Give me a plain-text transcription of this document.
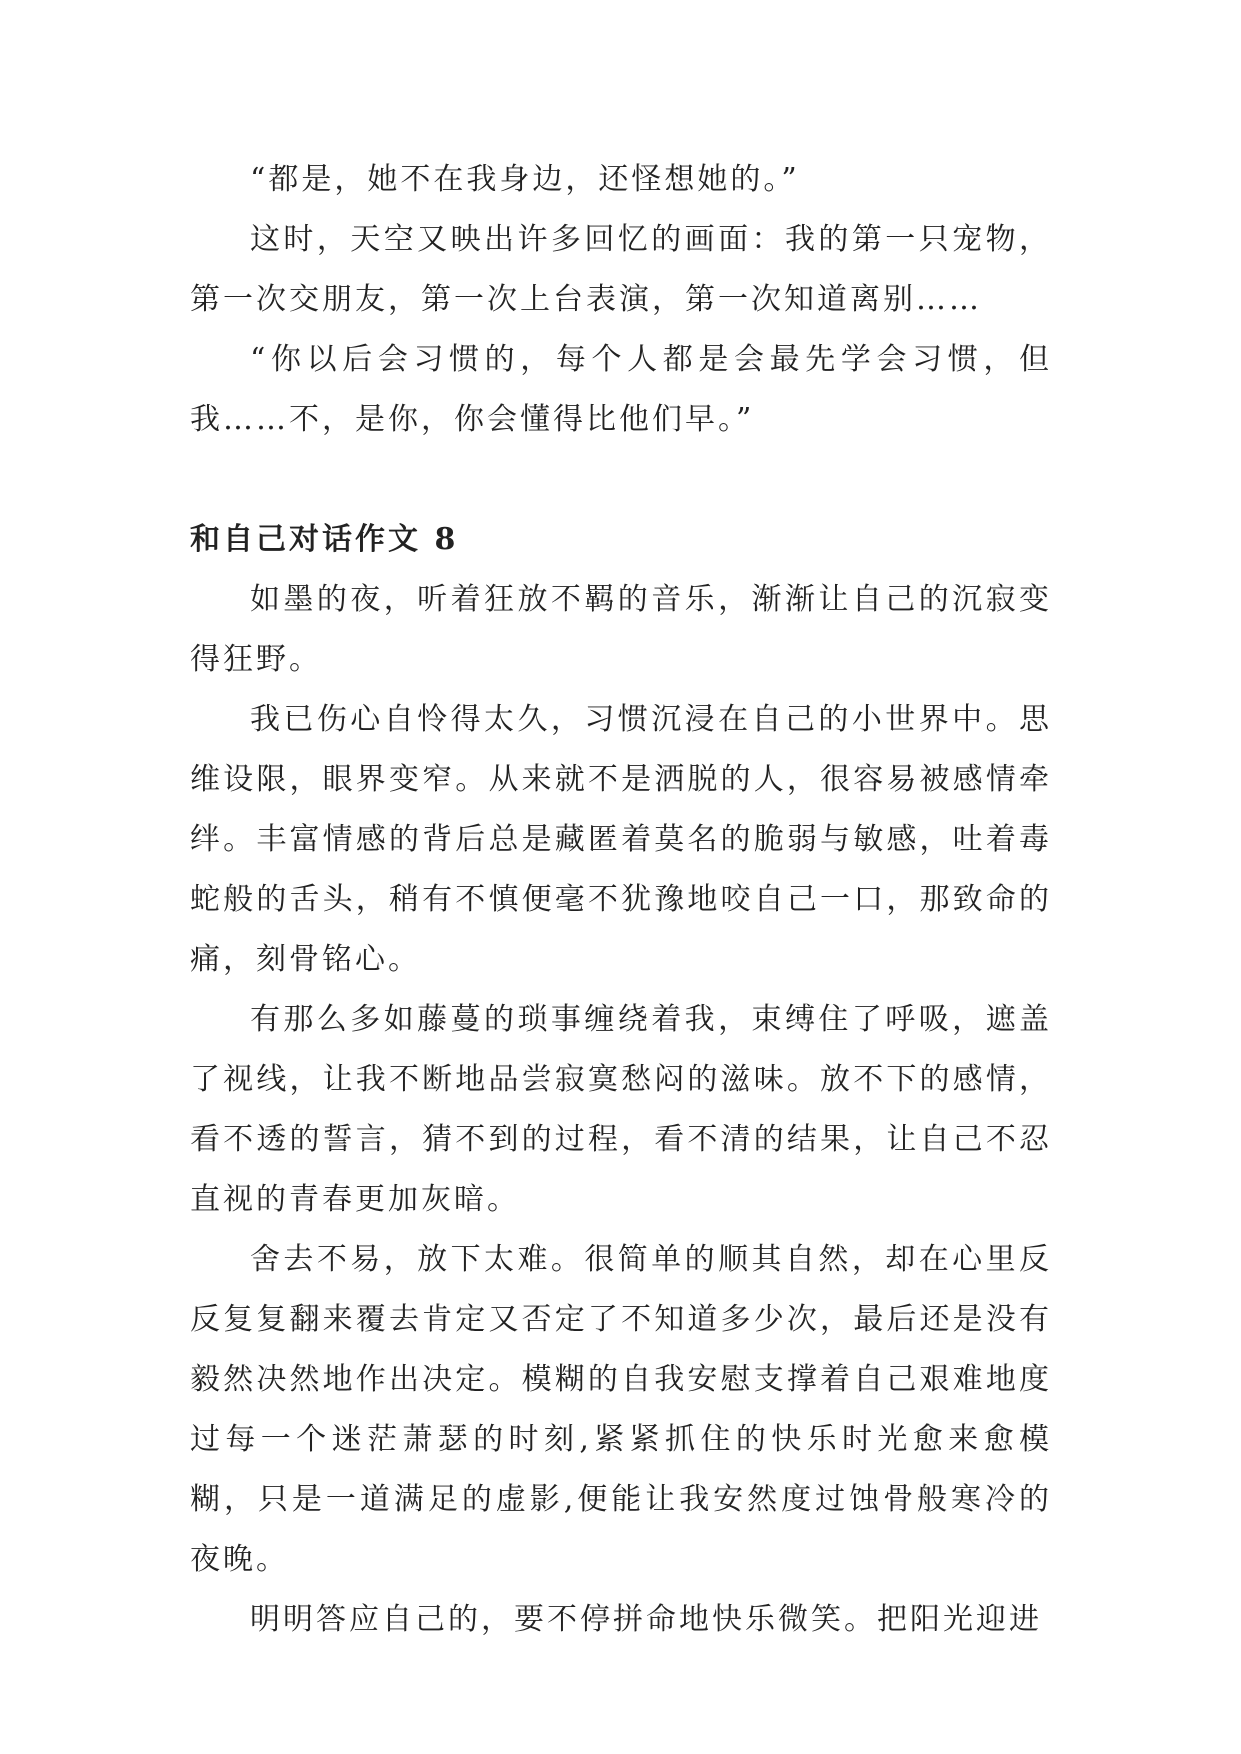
“都是，她不在我身边，还怪想她的。”

这时，天空又映出许多回忆的画面：我的第一只宠物，第一次交朋友，第一次上台表演，第一次知道离别……

“你以后会习惯的，每个人都是会最先学会习惯，但我……不，是你，你会懂得比他们早。”

和自己对话作文 8

如墨的夜，听着狂放不羁的音乐，渐渐让自己的沉寂变得狂野。

我已伤心自怜得太久，习惯沉浸在自己的小世界中。思维设限，眼界变窄。从来就不是洒脱的人，很容易被感情牵绊。丰富情感的背后总是藏匿着莫名的脆弱与敏感，吐着毒蛇般的舌头，稍有不慎便毫不犹豫地咬自己一口，那致命的痛，刻骨铭心。

有那么多如藤蔓的琐事缠绕着我，束缚住了呼吸，遮盖了视线，让我不断地品尝寂寞愁闷的滋味。放不下的感情，看不透的誓言，猜不到的过程，看不清的结果，让自己不忍直视的青春更加灰暗。

舍去不易，放下太难。很简单的顺其自然，却在心里反反复复翻来覆去肯定又否定了不知道多少次，最后还是没有毅然决然地作出决定。模糊的自我安慰支撑着自己艰难地度过每一个迷茫萧瑟的时刻,紧紧抓住的快乐时光愈来愈模糊，只是一道满足的虚影,便能让我安然度过蚀骨般寒冷的夜晚。

明明答应自己的，要不停拼命地快乐微笑。把阳光迎进
